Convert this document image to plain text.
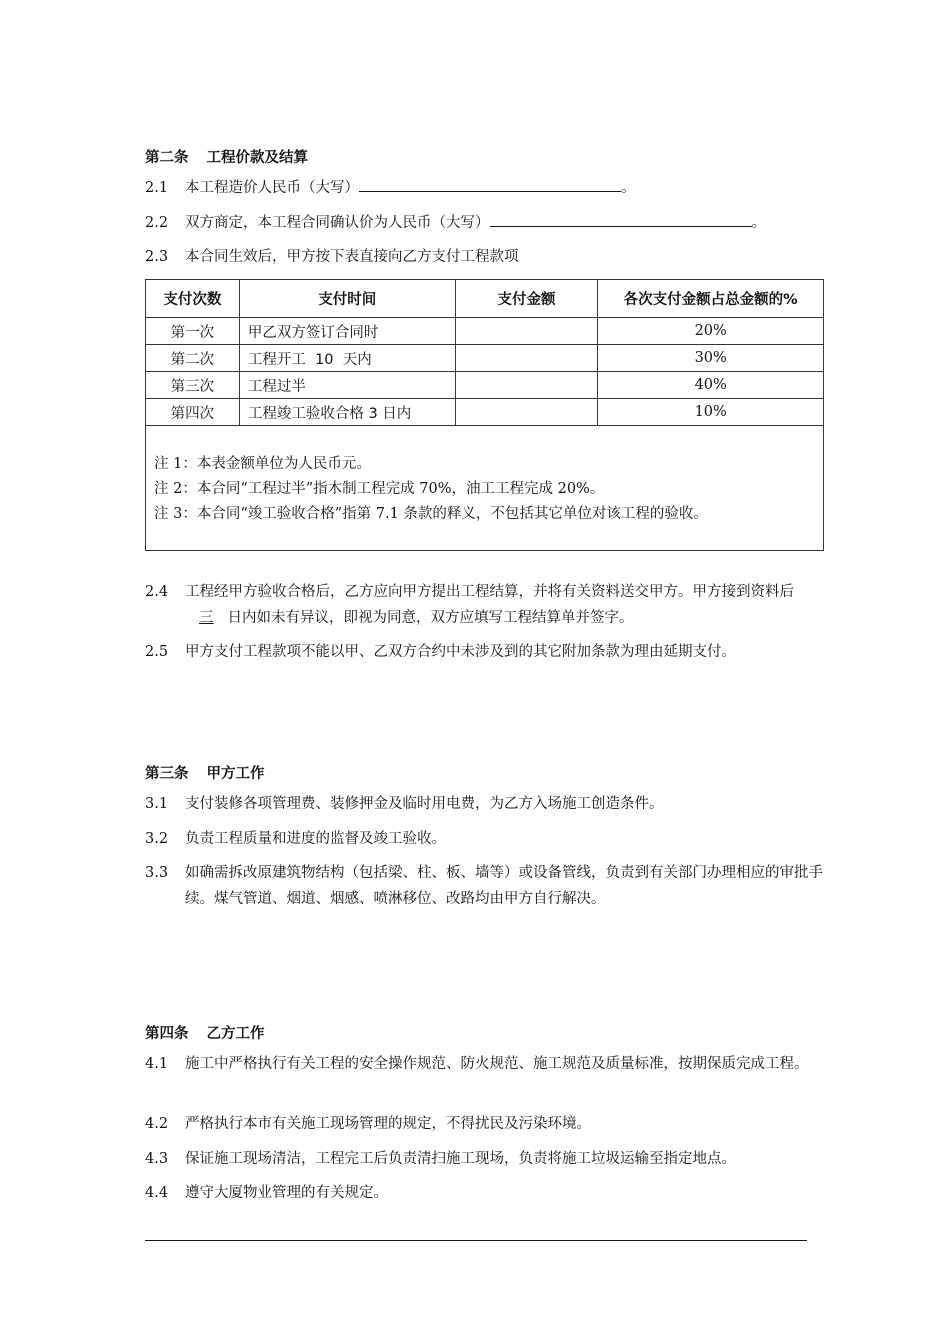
第二条 工程价款及结算
2.1	本工程造价人民币（大写）	。
2.2	双方商定，本工程合同确认价为人民币（大写）	。
2.3	本合同生效后，甲方按下表直接向乙方支付工程款项
支付次数	支付时间	支付金额	各次支付金额占总金额的%
第一次	甲乙双方签订合同时		20%
第二次	工程开工  10  天内		30%
第三次	工程过半		40%
第四次	工程竣工验收合格 3 日内		10%

注 1：本表金额单位为人民币元。
注 2：本合同“工程过半”指木制工程完成 70%，油工工程完成 20%。
注 3：本合同“竣工验收合格”指第 7.1 条款的释义，不包括其它单位对该工程的验收。			
2.4	工程经甲方验收合格后，乙方应向甲方提出工程结算，并将有关资料送交甲方。甲方接到资料后三 日内如未有异议，即视为同意，双方应填写工程结算单并签字。
2.5	甲方支付工程款项不能以甲、乙双方合约中未涉及到的其它附加条款为理由延期支付。
第三条 甲方工作
3.1	支付装修各项管理费、装修押金及临时用电费，为乙方入场施工创造条件。
3.2	负责工程质量和进度的监督及竣工验收。
3.3	如确需拆改原建筑物结构（包括梁、柱、板、墙等）或设备管线，负责到有关部门办理相应的审批手续。煤气管道、烟道、烟感、喷淋移位、改路均由甲方自行解决。
第四条 乙方工作
4.1	施工中严格执行有关工程的安全操作规范、防火规范、施工规范及质量标准，按期保质完成工程。
4.2	严格执行本市有关施工现场管理的规定，不得扰民及污染环境。
4.3	保证施工现场清洁，工程完工后负责清扫施工现场，负责将施工垃圾运输至指定地点。
4.4	遵守大厦物业管理的有关规定。
